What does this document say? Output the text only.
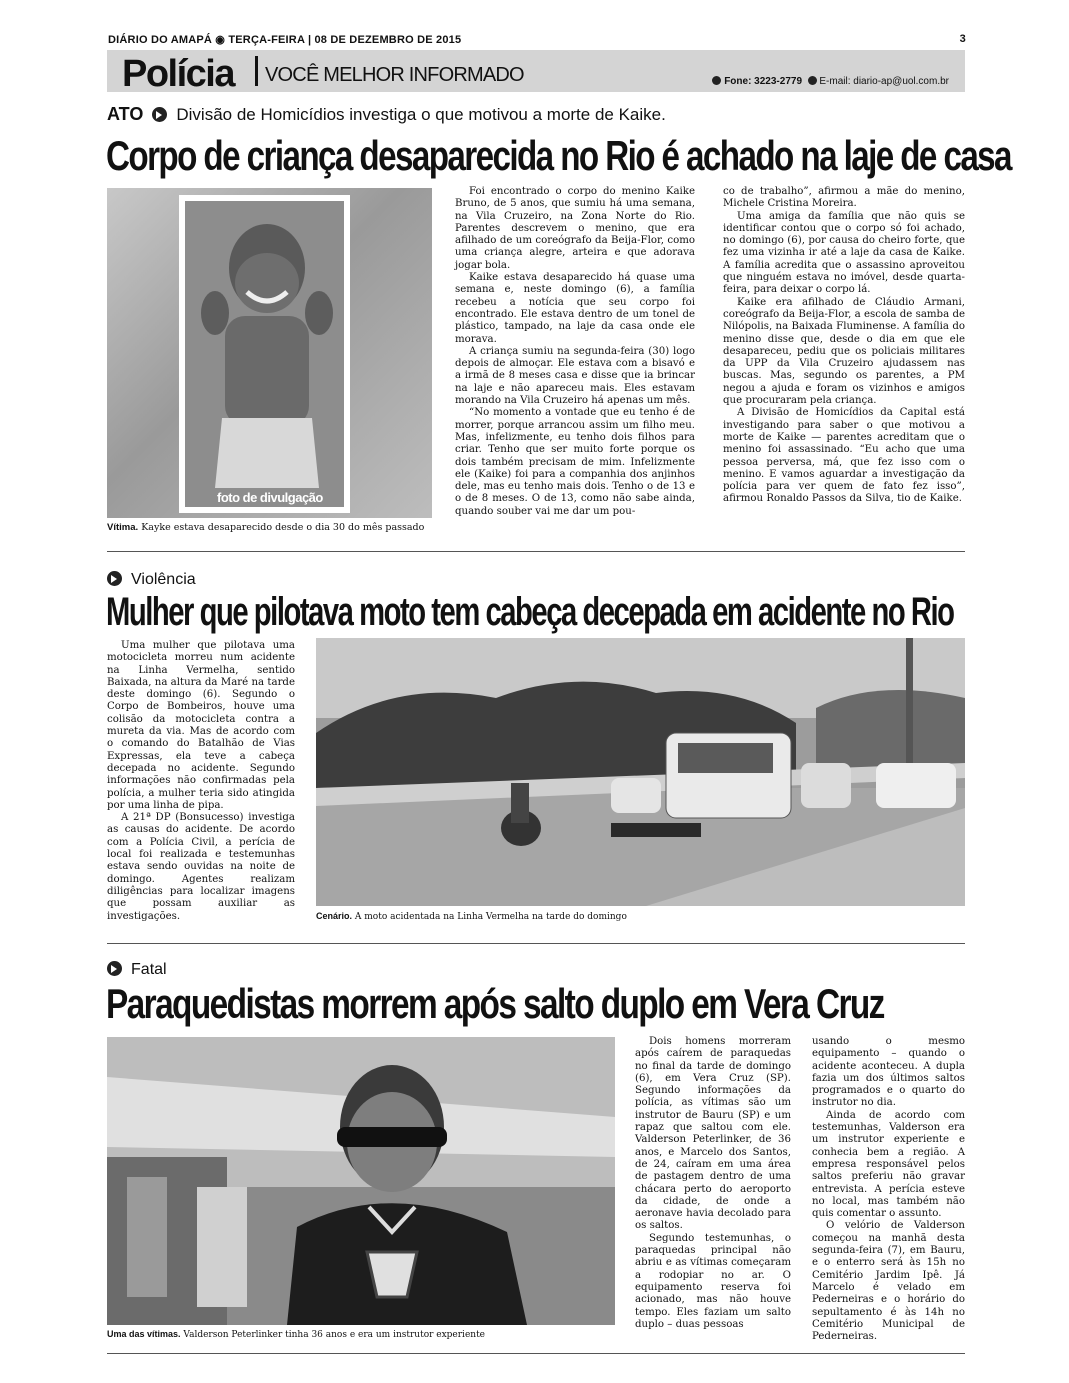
DIÁRIO DO AMAPÁ ◉ TERÇA-FEIRA | 08 DE DEZEMBRO DE 2015	3
Polícia VOCÊ MELHOR INFORMADO	Fone: 3223-2779 E-mail: diario-ap@uol.com.br
ATO Divisão de Homicídios investiga o que motivou a morte de Kaike.
Corpo de criança desaparecida no Rio é achado na laje de casa
foto de divulgação
Vítima. Kayke estava desaparecido desde o dia 30 do mês passado

Foi encontrado o corpo do menino Kaike Bruno, de 5 anos, que sumiu há uma semana, na Vila Cruzeiro, na Zona Norte do Rio. Parentes descrevem o menino, que era afilhado de um coreógrafo da Beija-Flor, como uma criança alegre, arteira e que adorava jogar bola.

Kaike estava desaparecido há quase uma semana e, neste domingo (6), a família recebeu a notícia que seu corpo foi encontrado. Ele estava dentro de um tonel de plástico, tampado, na laje da casa onde ele morava.

A criança sumiu na segunda-feira (30) logo depois de almoçar. Ele estava com a bisavó e a irmã de 8 meses casa e disse que ia brincar na laje e não apareceu mais. Eles estavam morando na Vila Cruzeiro há apenas um mês.

“No momento a vontade que eu tenho é de morrer, porque arrancou assim um filho meu. Mas, infelizmente, eu tenho dois filhos para criar. Tenho que ser muito forte porque os dois também precisam de mim. Infelizmente ele (Kaike) foi para a companhia dos anjinhos dele, mas eu tenho mais dois. Tenho o de 13 e o de 8 meses. O de 13, como não sabe ainda, quando souber vai me dar um pou-

co de trabalho”, afirmou a mãe do menino, Michele Cristina Moreira.

Uma amiga da família que não quis se identificar contou que o corpo só foi achado, no domingo (6), por causa do cheiro forte, que fez uma vizinha ir até a laje da casa de Kaike. A família acredita que o assassino aproveitou que ninguém estava no imóvel, desde quarta-feira, para deixar o corpo lá.

Kaike era afilhado de Cláudio Armani, coreógrafo da Beija-Flor, a escola de samba de Nilópolis, na Baixada Fluminense. A família do menino disse que, desde o dia em que ele desapareceu, pediu que os policiais militares da UPP da Vila Cruzeiro ajudassem nas buscas. Mas, segundo os parentes, a PM negou a ajuda e foram os vizinhos e amigos que procuraram pela criança.

A Divisão de Homicídios da Capital está investigando para saber o que motivou a morte de Kaike — parentes acreditam que o menino foi assassinado. “Eu acho que uma pessoa perversa, má, que fez isso com o menino. E vamos aguardar a investigação da polícia para ver quem de fato fez isso”, afirmou Ronaldo Passos da Silva, tio de Kaike.

Violência
Mulher que pilotava moto tem cabeça decepada em acidente no Rio

Uma mulher que pilotava uma motocicleta morreu num acidente na Linha Vermelha, sentido Baixada, na altura da Maré na tarde deste domingo (6). Segundo o Corpo de Bombeiros, houve uma colisão da motocicleta contra a mureta da via. Mas de acordo com o comando do Batalhão de Vias Expressas, ela teve a cabeça decepada no acidente. Segundo informações não confirmadas pela polícia, a mulher teria sido atingida por uma linha de pipa.

A 21ª DP (Bonsucesso) investiga as causas do acidente. De acordo com a Polícia Civil, a perícia de local foi realizada e testemunhas estava sendo ouvidas na noite de domingo. Agentes realizam diligências para localizar imagens que possam auxiliar as investigações.	Cenário. A moto acidentada na Linha Vermelha na tarde do domingo
Fatal
Paraquedistas morrem após salto duplo em Vera Cruz
Uma das vítimas. Valderson Peterlinker tinha 36 anos e era um instrutor experiente

Dois homens morreram após caírem de paraquedas no final da tarde de domingo (6), em Vera Cruz (SP). Segundo informações da polícia, as vítimas são um instrutor de Bauru (SP) e um rapaz que saltou com ele. Valderson Peterlinker, de 36 anos, e Marcelo dos Santos, de 24, caíram em uma área de pastagem dentro de uma chácara perto do aeroporto da cidade, de onde a aeronave havia decolado para os saltos.

Segundo testemunhas, o paraquedas principal não abriu e as vítimas começaram a rodopiar no ar. O equipamento reserva foi acionado, mas não houve tempo. Eles faziam um salto duplo – duas pessoas

usando o mesmo equipamento – quando o acidente aconteceu. A dupla fazia um dos últimos saltos programados e o quarto do instrutor no dia.

Ainda de acordo com testemunhas, Valderson era um instrutor experiente e conhecia bem a região. A empresa responsável pelos saltos preferiu não gravar entrevista. A perícia esteve no local, mas também não quis comentar o assunto.

O velório de Valderson começou na manhã desta segunda-feira (7), em Bauru, e o enterro será às 15h no Cemitério Jardim Ipê. Já Marcelo é velado em Pederneiras e o horário do sepultamento é às 14h no Cemitério Municipal de Pederneiras.
